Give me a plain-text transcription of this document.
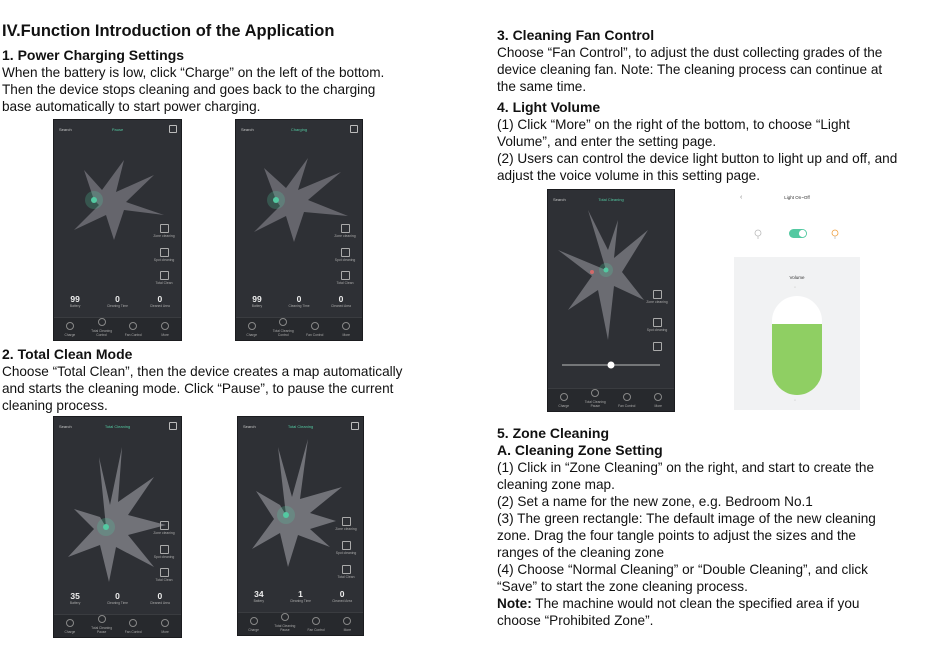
IV.Function Introduction of the Application
1. Power Charging Settings

When the battery is low, click “Charge” on the left of the bottom.
Then the device stops cleaning and goes back to the charging
base automatically to start power charging.

2. Total Clean Mode

Choose “Total Clean”, then the device creates a map automatically
and starts the cleaning mode. Click “Pause”, to pause the current
cleaning process.

3. Cleaning Fan Control

Choose “Fan Control”, to adjust the dust collecting grades of the
device cleaning fan. Note: The cleaning process can continue at
the same time.

4. Light Volume

(1) Click “More” on the right of the bottom, to choose “Light
Volume”, and enter the setting page.
(2) Users can control the device light button to light up and off, and
adjust the voice volume in this setting page.

5. Zone Cleaning
A. Cleaning Zone Setting

(1) Click in “Zone Cleaning” on the right, and start to create the
cleaning zone map.
(2) Set a name for the new zone, e.g. Bedroom No.1
(3) The green rectangle: The default image of the new cleaning
zone. Drag the four tangle points to adjust the sizes and the
ranges of the cleaning zone
(4) Choose “Normal Cleaning” or “Double Cleaning”, and click
“Save” to start the zone cleaning process.
Note: The machine would not clean the specified area if you
choose “Prohibited Zone”.

Search	Pause
Zone cleaning
Spot cleaning
Total Clean
99
Battery
0
Cleaning Time
0
Cleaned Area
Charge
Total Cleaning Control	Fan Control	More
Search	Charging
Zone cleaning
Spot cleaning
Total Clean
99
Battery
0
Cleaning Time
0
Cleaned Area
Charge
Total Cleaning Control	Fan Control	More
Search	Total Cleaning
Zone cleaning
Spot cleaning
Total Clean
35
Battery
0
Cleaning Time
0
Cleaned Area
Charge
Total Cleaning Pause	Fan Control	More
Search	Total Cleaning
Zone cleaning
Spot cleaning
Total Clean
34
Battery
1
Cleaning Time
0
Cleaned Area
Charge
Total Cleaning Pause	Fan Control	More
Search	Total Cleaning
Zone cleaning
Spot cleaning
Charge
Total Cleaning Pause	Fan Control	More
‹	Light On~Off
Volume
◦
◦
